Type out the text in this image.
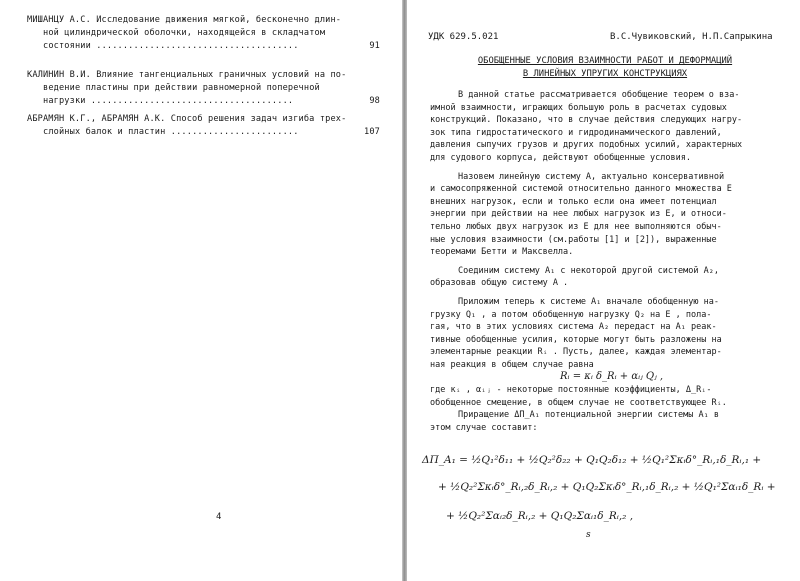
МИШАНЦУ А.С. Исследование движения мягкой, бесконечно длин-
ной цилиндрической оболочки, находящейся в складчатом
состоянии ......................................	91
КАЛИНИН В.И. Влияние тангенциальных граничных условий на по-
ведение пластины при действии равномерной поперечной
нагрузки ......................................	98
АБРАМЯН К.Г., АБРАМЯН А.К. Способ решения задач изгиба трех-
слойных балок и пластин ........................	107
4
УДК 629.5.021	В.С.Чувиковский, Н.П.Сапрыкина
ОБОБЩЕННЫЕ УСЛОВИЯ ВЗАИМНОСТИ РАБОТ И ДЕФОРМАЦИЙ
В ЛИНЕЙНЫХ УПРУГИХ КОНСТРУКЦИЯХ
В данной статье рассматривается обобщение теорем о вза-
имной взаимности, играющих большую роль в расчетах судовых
конструкций. Показано, что в случае действия следующих нагру-
зок типа гидростатического и гидродинамического давлений,
давления сыпучих грузов и других подобных усилий, характерных
для судового корпуса, действуют обобщенные условия.
Назовем линейную систему A, актуально консервативной
и самосопряженной системой относительно данного множества E
внешних нагрузок, если и только если она имеет потенциал
энергии при действии на нее любых нагрузок из E, и относи-
тельно любых двух нагрузок из E для нее выполняются обыч-
ные условия взаимности (см.работы [1] и [2]), выраженные
теоремами Бетти и Максвелла.
Соединим систему A₁ с некоторой другой системой A₂,
образовав общую систему A .
Приложим теперь к системе A₁ вначале обобщенную на-
грузку Q₁ , а потом обобщенную нагрузку Q₂ на E , пола-
гая, что в этих условиях система A₂ передаст на A₁ реак-
тивные обобщенные усилия, которые могут быть разложены на
элементарные реакции Rᵢ . Пусть, далее, каждая элементар-
ная реакция в общем случае равна
Rᵢ = κᵢ δ_Rᵢ + αᵢⱼ Qⱼ ,
где κᵢ , αᵢⱼ - некоторые постоянные коэффициенты, Δ_Rᵢ-
обобщенное смещение, в общем случае не соответствующее Rᵢ.
Приращение ΔΠ_A₁ потенциальной энергии системы A₁ в
этом случае составит:
ΔΠ_A₁ = ½Q₁²δ₁₁ + ½Q₂²δ₂₂ + Q₁Q₂δ₁₂ + ½Q₁²Σκᵢδ°_Rᵢ,₁δ_Rᵢ,₁ +
+ ½Q₂²Σκᵢδ°_Rᵢ,₂δ_Rᵢ,₂ + Q₁Q₂Σκᵢδ°_Rᵢ,₁δ_Rᵢ,₂ + ½Q₁²Σαᵢ₁δ_Rᵢ +
+ ½Q₂²Σαᵢ₂δ_Rᵢ,₂ + Q₁Q₂Σαᵢ₁δ_Rᵢ,₂ ,
s
